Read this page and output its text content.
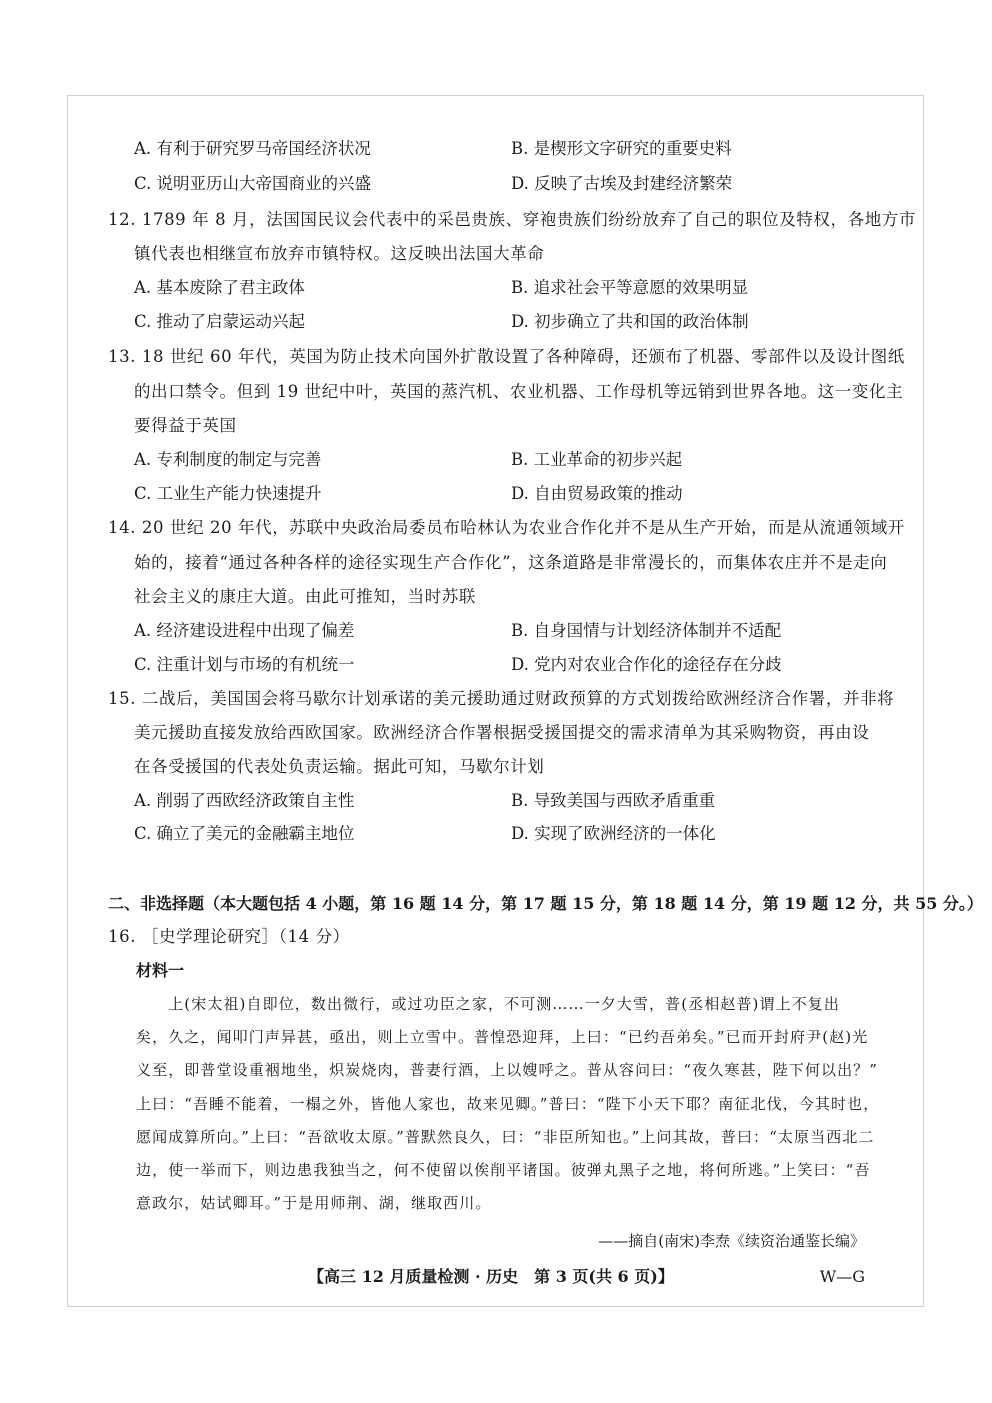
A. 有利于研究罗马帝国经济状况	B. 是楔形文字研究的重要史料
C. 说明亚历山大帝国商业的兴盛	D. 反映了古埃及封建经济繁荣
12. 1789 年 8 月，法国国民议会代表中的采邑贵族、穿袍贵族们纷纷放弃了自己的职位及特权，各地方市
镇代表也相继宣布放弃市镇特权。这反映出法国大革命
A. 基本废除了君主政体	B. 追求社会平等意愿的效果明显
C. 推动了启蒙运动兴起	D. 初步确立了共和国的政治体制
13. 18 世纪 60 年代，英国为防止技术向国外扩散设置了各种障碍，还颁布了机器、零部件以及设计图纸
的出口禁令。但到 19 世纪中叶，英国的蒸汽机、农业机器、工作母机等远销到世界各地。这一变化主
要得益于英国
A. 专利制度的制定与完善	B. 工业革命的初步兴起
C. 工业生产能力快速提升	D. 自由贸易政策的推动
14. 20 世纪 20 年代，苏联中央政治局委员布哈林认为农业合作化并不是从生产开始，而是从流通领域开
始的，接着“通过各种各样的途径实现生产合作化”，这条道路是非常漫长的，而集体农庄并不是走向
社会主义的康庄大道。由此可推知，当时苏联
A. 经济建设进程中出现了偏差	B. 自身国情与计划经济体制并不适配
C. 注重计划与市场的有机统一	D. 党内对农业合作化的途径存在分歧
15. 二战后，美国国会将马歇尔计划承诺的美元援助通过财政预算的方式划拨给欧洲经济合作署，并非将
美元援助直接发放给西欧国家。欧洲经济合作署根据受援国提交的需求清单为其采购物资，再由设
在各受援国的代表处负责运输。据此可知，马歇尔计划
A. 削弱了西欧经济政策自主性	B. 导致美国与西欧矛盾重重
C. 确立了美元的金融霸主地位	D. 实现了欧洲经济的一体化
二、非选择题（本大题包括 4 小题，第 16 题 14 分，第 17 题 15 分，第 18 题 14 分，第 19 题 12 分，共 55 分。）
16. ［史学理论研究］（14 分）
材料一
　　上(宋太祖)自即位，数出微行，或过功臣之家，不可测……一夕大雪，普(丞相赵普)谓上不复出
矣，久之，闻叩门声异甚，亟出，则上立雪中。普惶恐迎拜，上曰：“已约吾弟矣。”已而开封府尹(赵)光
义至，即普堂设重裀地坐，炽炭烧肉，普妻行酒，上以嫂呼之。普从容问曰：“夜久寒甚，陛下何以出？”
上曰：“吾睡不能着，一榻之外，皆他人家也，故来见卿。”普曰：“陛下小天下耶？南征北伐，今其时也，
愿闻成算所向。”上曰：“吾欲收太原。”普默然良久，曰：“非臣所知也。”上问其故，普曰：“太原当西北二
边，使一举而下，则边患我独当之，何不使留以俟削平诸国。彼弹丸黑子之地，将何所逃。”上笑曰：“吾
意政尔，姑试卿耳。”于是用师荆、湖，继取西川。
——摘自(南宋)李焘《续资治通鉴长编》
【高三 12 月质量检测 · 历史　第 3 页(共 6 页)】	W—G
